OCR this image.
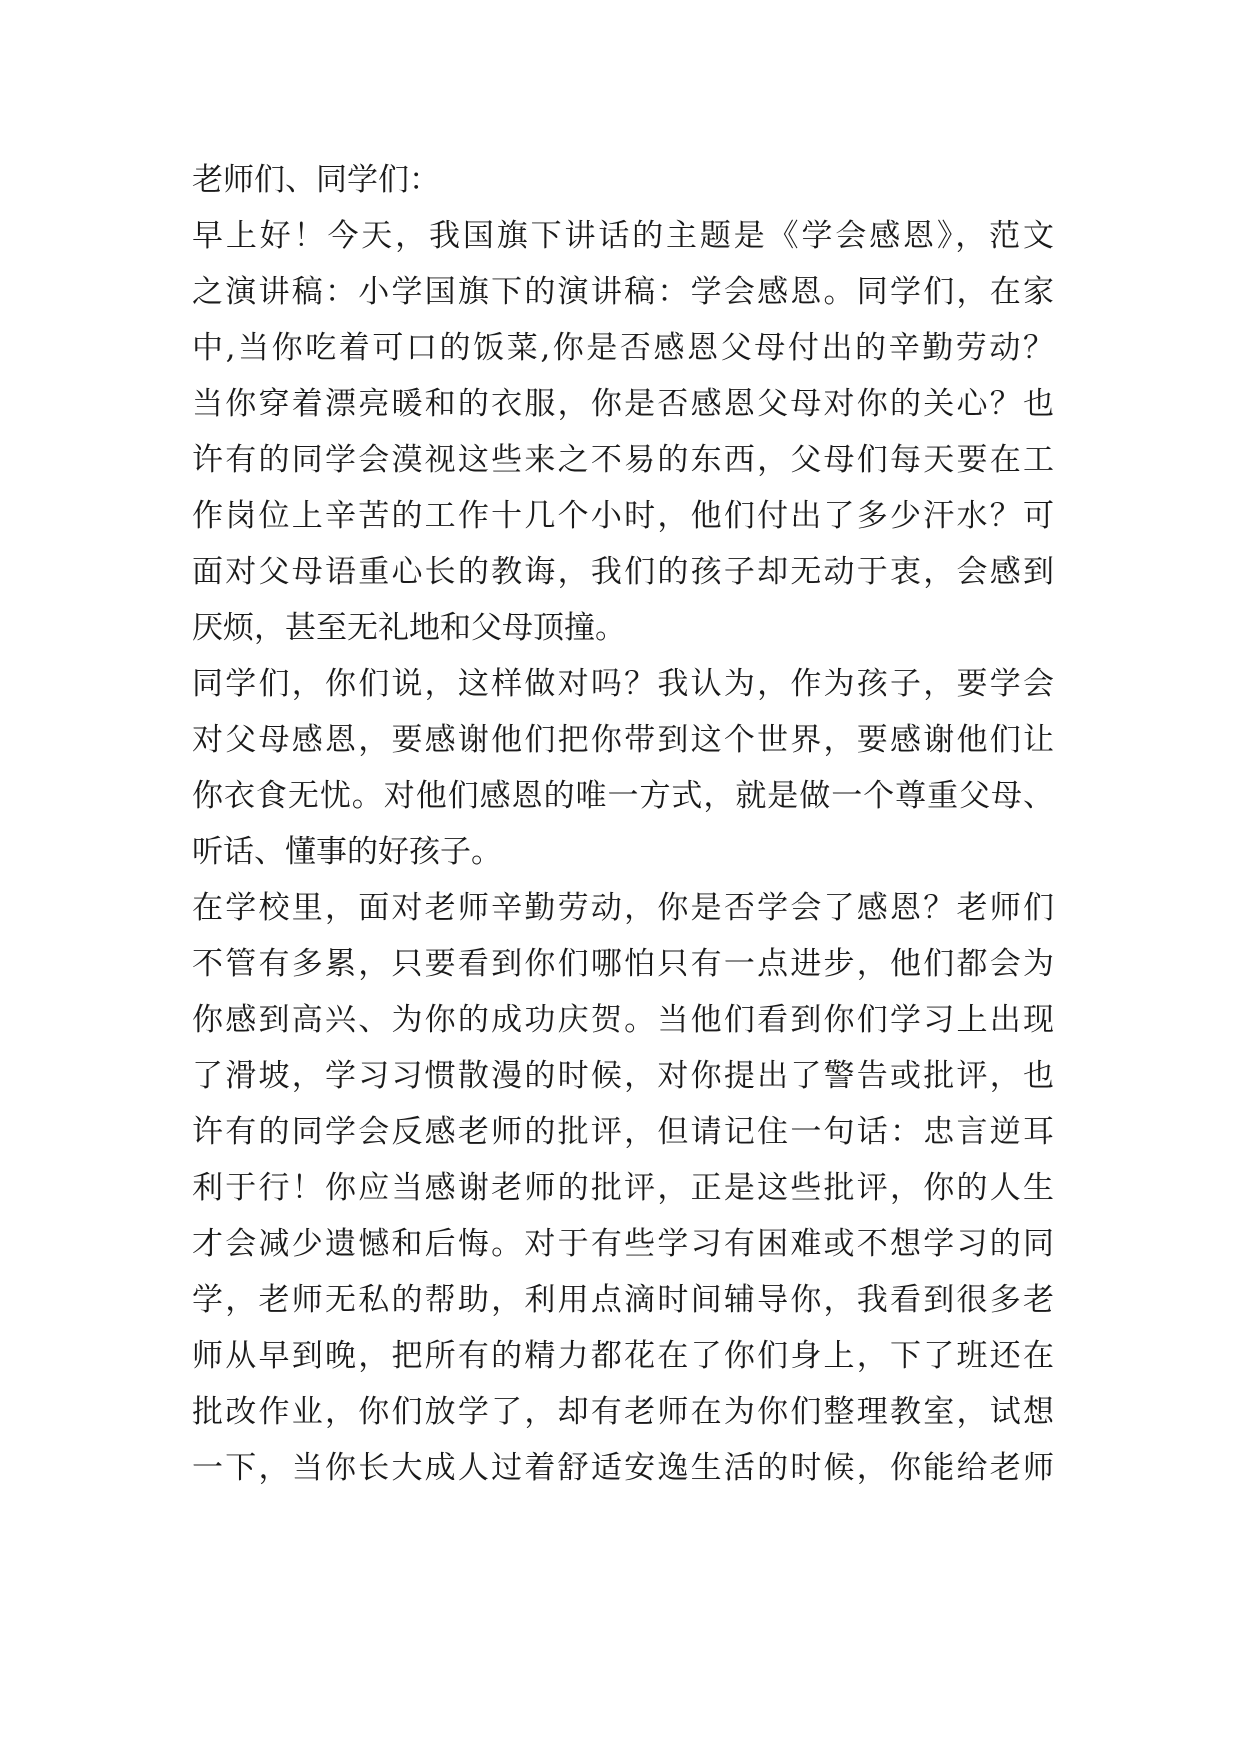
老师们、同学们：
早上好！今天，我国旗下讲话的主题是《学会感恩》，范文
之演讲稿：小学国旗下的演讲稿：学会感恩。同学们，在家
中,当你吃着可口的饭菜,你是否感恩父母付出的辛勤劳动？
当你穿着漂亮暖和的衣服，你是否感恩父母对你的关心？也
许有的同学会漠视这些来之不易的东西，父母们每天要在工
作岗位上辛苦的工作十几个小时，他们付出了多少汗水？可
面对父母语重心长的教诲，我们的孩子却无动于衷，会感到
厌烦，甚至无礼地和父母顶撞。
同学们，你们说，这样做对吗？我认为，作为孩子，要学会
对父母感恩，要感谢他们把你带到这个世界，要感谢他们让
你衣食无忧。对他们感恩的唯一方式，就是做一个尊重父母、
听话、懂事的好孩子。
在学校里，面对老师辛勤劳动，你是否学会了感恩？老师们
不管有多累，只要看到你们哪怕只有一点进步，他们都会为
你感到高兴、为你的成功庆贺。当他们看到你们学习上出现
了滑坡，学习习惯散漫的时候，对你提出了警告或批评，也
许有的同学会反感老师的批评，但请记住一句话：忠言逆耳
利于行！你应当感谢老师的批评，正是这些批评，你的人生
才会减少遗憾和后悔。对于有些学习有困难或不想学习的同
学，老师无私的帮助，利用点滴时间辅导你，我看到很多老
师从早到晚，把所有的精力都花在了你们身上，下了班还在
批改作业，你们放学了，却有老师在为你们整理教室，试想
一下，当你长大成人过着舒适安逸生活的时候，你能给老师
